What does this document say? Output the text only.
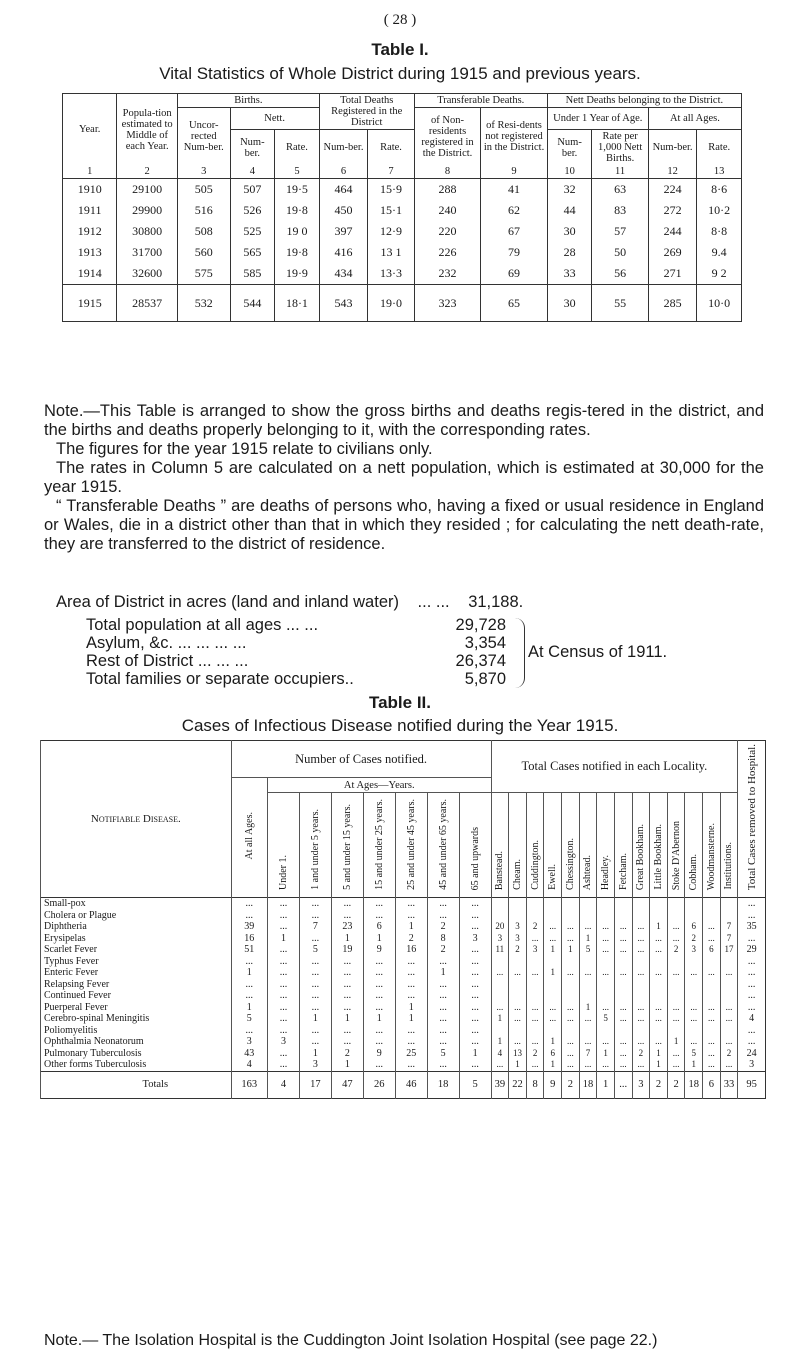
( 28 )
Table I.
Vital Statistics of Whole District during 1915 and previous years.
Year.	Popula-tion estimated to Middle of each Year.	Births.			Total Deaths Registered in the District		Transferable Deaths.		Nett Deaths belonging to the District.			
		Uncor-rected Num-ber.	Nett.				of Non-residents registered in the District.	of Resi-dents not registered in the District.	Under 1 Year of Age.		At all Ages.	
			Num-ber.	Rate.	Num-ber.	Rate.			Num-ber.	Rate per 1,000 Nett Births.	Num-ber.	Rate.
1	2	3	4	5	6	7	8	9	10	11	12	13
1910	29100	505	507	19·5	464	15·9	288	41	32	63	224	8·6
1911	29900	516	526	19·8	450	15·1	240	62	44	83	272	10·2
1912	30800	508	525	19 0	397	12·9	220	67	30	57	244	8·8
1913	31700	560	565	19·8	416	13 1	226	79	28	50	269	9.4
1914	32600	575	585	19·9	434	13·3	232	69	33	56	271	9 2
1915	28537	532	544	18·1	543	19·0	323	65	30	55	285	10·0

Note.—This Table is arranged to show the gross births and deaths regis-tered in the district, and the births and deaths properly belonging to it, with the corresponding rates.

The figures for the year 1915 relate to civilians only.

The rates in Column 5 are calculated on a nett population, which is estimated at 30,000 for the year 1915.

“ Transferable Deaths ” are deaths of persons who, having a fixed or usual residence in England or Wales, die in a district other than that in which they resided ; for calculating the nett death-rate, they are transferred to the district of residence.

Area of District in acres (land and inland water) ... ... 31,188.
Total population at all ages ... ...	29,728
Asylum, &c. ... ... ... ...	3,354
Rest of District ... ... ...	26,374
Total families or separate occupiers..	5,870
At Census of 1911.
Table II.
Cases of Infectious Disease notified during the Year 1915.
Notifiable Disease.	Number of Cases notified.								Total Cases notified in each Locality.														Total Cases removed to Hospital.
	At all Ages.	At Ages—Years.																					
		Under 1.	1 and under 5 years.	5 and under 15 years.	15 and under 25 years.	25 and under 45 years.	45 and under 65 years.	65 and upwards	Banstead.	Cheam.	Cuddington.	Ewell.	Chessington.	Ashtead.	Headley.	Fetcham.	Great Bookham.	Little Bookham.	Stoke D'Abernon	Cobham.	Woodmansterne.	Institutions.	
Small-pox	...	...	...	...	...	...	...	...															...
Cholera or Plague	...	...	...	...	...	...	...	...															...
Diphtheria	39	...	7	23	6	1	2	...	20	3	2	...	...	...	...	...	...	1	...	6	...	7	35
Erysipelas	16	1	...	1	1	2	8	3	3	3	...	...	...	1	...	...	...	...	...	2	...	7	...
Scarlet Fever	51	...	5	19	9	16	2	...	11	2	3	1	1	5	...	...	...	...	2	3	6	17	29
Typhus Fever	...	...	...	...	...	...	...	...															...
Enteric Fever	1	...	...	...	...	...	1	...	...	...	...	1	...	...	...	...	...	...	...	...	...	...	...
Relapsing Fever	...	...	...	...	...	...	...	...															...
Continued Fever	...	...	...	...	...	...	...	...															...
Puerperal Fever	1	...	...	...	...	1	...	...	...	...	...	...	...	1	...	...	...	...	...	...	...	...	...
Cerebro-spinal Meningitis	5	...	1	1	1	1	...	...	1	...	...	...	...	...	5	...	...	...	...	...	...	...	4
Poliomyelitis	...	...	...	...	...	...	...	...															...
Ophthalmia Neonatorum	3	3	...	...	...	...	...	...	1	...	...	1	...	...	...	...	...	...	1	...	...	...	...
Pulmonary Tuberculosis	43	...	1	2	9	25	5	1	4	13	2	6	...	7	1	...	2	1	...	5	...	2	24
Other forms Tuberculosis	4	...	3	1	...	...	...	...	...	1	...	1	...	...	...	...	...	1	...	1	...	...	3
Totals	163	4	17	47	26	46	18	5	39	22	8	9	2	18	1	...	3	2	2	18	6	33	95
Note.— The Isolation Hospital is the Cuddington Joint Isolation Hospital (see page 22.)
